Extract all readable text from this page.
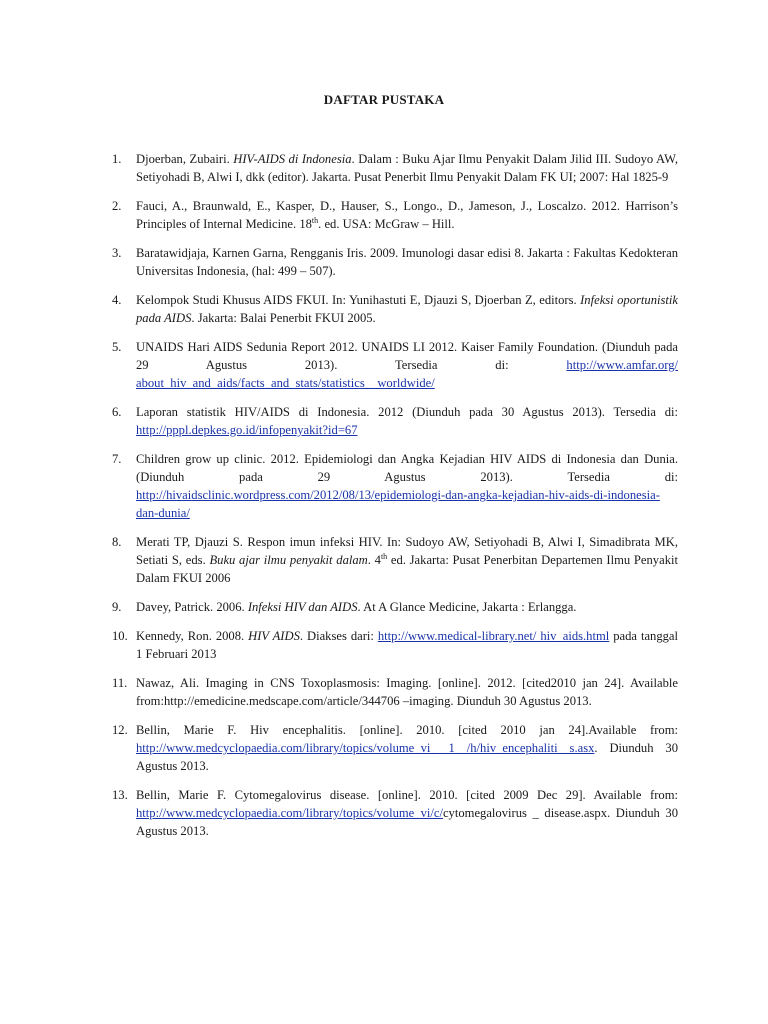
DAFTAR PUSTAKA
1. Djoerban, Zubairi. HIV-AIDS di Indonesia. Dalam : Buku Ajar Ilmu Penyakit Dalam Jilid III. Sudoyo AW, Setiyohadi B, Alwi I, dkk (editor). Jakarta. Pusat Penerbit Ilmu Penyakit Dalam FK UI; 2007: Hal 1825-9
2. Fauci, A., Braunwald, E., Kasper, D., Hauser, S., Longo., D., Jameson, J., Loscalzo. 2012. Harrison’s Principles of Internal Medicine. 18th. ed. USA: McGraw – Hill.
3. Baratawidjaja, Karnen Garna, Rengganis Iris. 2009. Imunologi dasar edisi 8. Jakarta : Fakultas Kedokteran Universitas Indonesia, (hal: 499 – 507).
4. Kelompok Studi Khusus AIDS FKUI. In: Yunihastuti E, Djauzi S, Djoerban Z, editors. Infeksi oportunistik pada AIDS. Jakarta: Balai Penerbit FKUI 2005.
5. UNAIDS Hari AIDS Sedunia Report 2012. UNAIDS LI 2012. Kaiser Family Foundation. (Diunduh pada 29 Agustus 2013). Tersedia di: http://www.amfar.org/ about_hiv_and_aids/facts_and_stats/statistics__worldwide/
6. Laporan statistik HIV/AIDS di Indonesia. 2012 (Diunduh pada 30 Agustus 2013). Tersedia di: http://pppl.depkes.go.id/infopenyakit?id=67
7. Children grow up clinic. 2012. Epidemiologi dan Angka Kejadian HIV AIDS di Indonesia dan Dunia. (Diunduh pada 29 Agustus 2013). Tersedia di: http://hivaidsclinic.wordpress.com/2012/08/13/epidemiologi-dan-angka-kejadian-hiv-aids-di-indonesia-dan-dunia/
8. Merati TP, Djauzi S. Respon imun infeksi HIV. In: Sudoyo AW, Setiyohadi B, Alwi I, Simadibrata MK, Setiati S, eds. Buku ajar ilmu penyakit dalam. 4th ed. Jakarta: Pusat Penerbitan Departemen Ilmu Penyakit Dalam FKUI 2006
9. Davey, Patrick. 2006. Infeksi HIV dan AIDS. At A Glance Medicine, Jakarta : Erlangga.
10. Kennedy, Ron. 2008. HIV AIDS. Diakses dari: http://www.medical-library.net/ hiv_aids.html pada tanggal 1 Februari 2013
11. Nawaz, Ali. Imaging in CNS Toxoplasmosis: Imaging. [online]. 2012. [cited2010 jan 24]. Available from:http://emedicine.medscape.com/article/344706 –imaging. Diunduh 30 Agustus 2013.
12. Bellin, Marie F. Hiv encephalitis. [online]. 2010. [cited 2010 jan 24].Available from: http://www.medcyclopaedia.com/library/topics/volume_vi_ 1 /h/hiv_encephaliti s.asx. Diunduh 30 Agustus 2013.
13. Bellin, Marie F. Cytomegalovirus disease. [online]. 2010. [cited 2009 Dec 29]. Available from: http://www.medcyclopaedia.com/library/topics/volume_vi/c/cytomegalovirus _ disease.aspx. Diunduh 30 Agustus 2013.
